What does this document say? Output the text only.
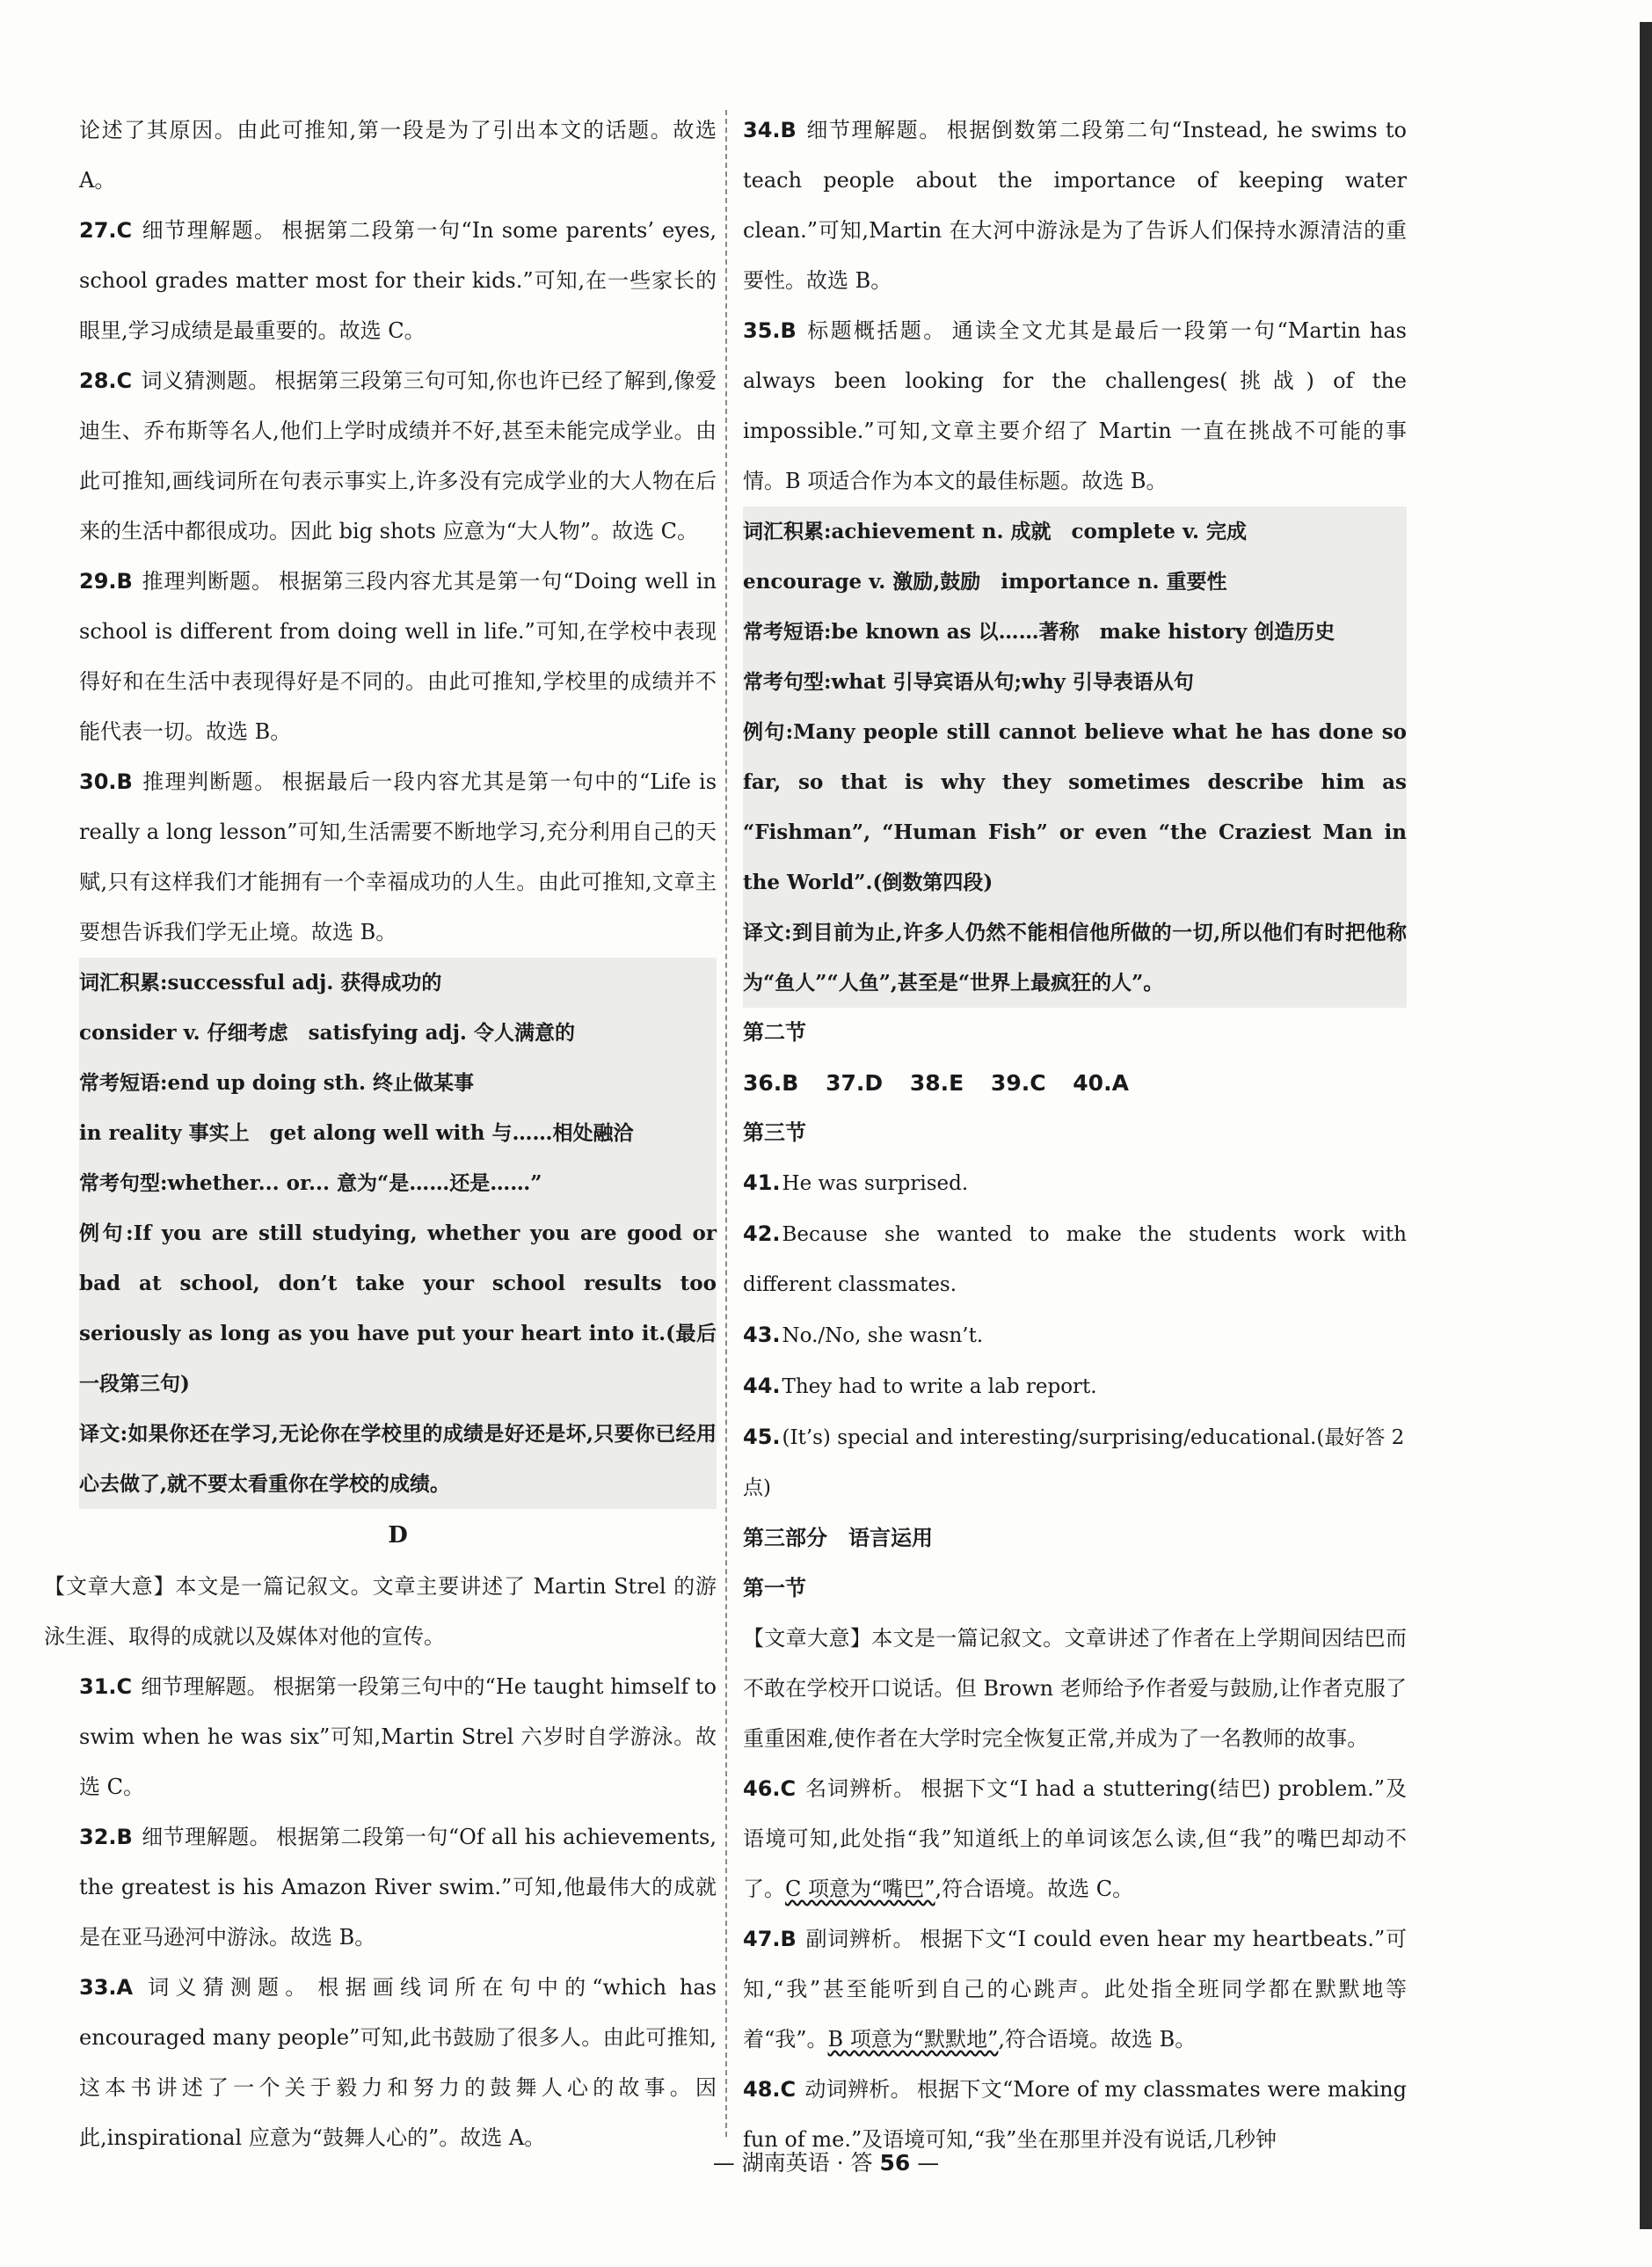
论述了其原因。由此可推知,第一段是为了引出本文的话题。故选 A。

27.C 细节理解题。 根据第二段第一句“In some parents’ eyes, school grades matter most for their kids.”可知,在一些家长的眼里,学习成绩是最重要的。故选 C。

28.C 词义猜测题。 根据第三段第三句可知,你也许已经了解到,像爱迪生、乔布斯等名人,他们上学时成绩并不好,甚至未能完成学业。由此可推知,画线词所在句表示事实上,许多没有完成学业的大人物在后来的生活中都很成功。因此 big shots 应意为“大人物”。故选 C。

29.B 推理判断题。 根据第三段内容尤其是第一句“Doing well in school is different from doing well in life.”可知,在学校中表现得好和在生活中表现得好是不同的。由此可推知,学校里的成绩并不能代表一切。故选 B。

30.B 推理判断题。 根据最后一段内容尤其是第一句中的“Life is really a long lesson”可知,生活需要不断地学习,充分利用自己的天赋,只有这样我们才能拥有一个幸福成功的人生。由此可推知,文章主要想告诉我们学无止境。故选 B。

词汇积累:successful adj. 获得成功的

consider v. 仔细考虑　satisfying adj. 令人满意的

常考短语:end up doing sth. 终止做某事

in reality 事实上　get along well with 与……相处融洽

常考句型:whether... or... 意为“是……还是……”

例句:If you are still studying, whether you are good or bad at school, don’t take your school results too seriously as long as you have put your heart into it.(最后一段第三句)

译文:如果你还在学习,无论你在学校里的成绩是好还是坏,只要你已经用心去做了,就不要太看重你在学校的成绩。

D

【文章大意】本文是一篇记叙文。文章主要讲述了 Martin Strel 的游泳生涯、取得的成就以及媒体对他的宣传。

31.C 细节理解题。 根据第一段第三句中的“He taught himself to swim when he was six”可知,Martin Strel 六岁时自学游泳。故选 C。

32.B 细节理解题。 根据第二段第一句“Of all his achievements, the greatest is his Amazon River swim.”可知,他最伟大的成就是在亚马逊河中游泳。故选 B。

33.A 词义猜测题。 根据画线词所在句中的“which has encouraged many people”可知,此书鼓励了很多人。由此可推知,这本书讲述了一个关于毅力和努力的鼓舞人心的故事。因此,inspirational 应意为“鼓舞人心的”。故选 A。

34.B 细节理解题。 根据倒数第二段第二句“Instead, he swims to teach people about the importance of keeping water clean.”可知,Martin 在大河中游泳是为了告诉人们保持水源清洁的重要性。故选 B。

35.B 标题概括题。 通读全文尤其是最后一段第一句“Martin has always been looking for the challenges(挑战) of the impossible.”可知,文章主要介绍了 Martin 一直在挑战不可能的事情。B 项适合作为本文的最佳标题。故选 B。

词汇积累:achievement n. 成就　complete v. 完成

encourage v. 激励,鼓励　importance n. 重要性

常考短语:be known as 以……著称　make history 创造历史

常考句型:what 引导宾语从句;why 引导表语从句

例句:Many people still cannot believe what he has done so far, so that is why they sometimes describe him as “Fishman”, “Human Fish” or even “the Craziest Man in the World”.(倒数第四段)

译文:到目前为止,许多人仍然不能相信他所做的一切,所以他们有时把他称为“鱼人”“人鱼”,甚至是“世界上最疯狂的人”。

第二节

36.B 37.D 38.E 39.C 40.A

第三节

41.He was surprised.

42.Because she wanted to make the students work with different classmates.

43.No./No, she wasn’t.

44.They had to write a lab report.

45.(It’s) special and interesting/surprising/educational.(最好答 2 点)

第三部分　语言运用

第一节

【文章大意】本文是一篇记叙文。文章讲述了作者在上学期间因结巴而不敢在学校开口说话。但 Brown 老师给予作者爱与鼓励,让作者克服了重重困难,使作者在大学时完全恢复正常,并成为了一名教师的故事。

46.C 名词辨析。 根据下文“I had a stuttering(结巴) problem.”及语境可知,此处指“我”知道纸上的单词该怎么读,但“我”的嘴巴却动不了。C 项意为“嘴巴”,符合语境。故选 C。

47.B 副词辨析。 根据下文“I could even hear my heartbeats.”可知,“我”甚至能听到自己的心跳声。此处指全班同学都在默默地等着“我”。B 项意为“默默地”,符合语境。故选 B。

48.C 动词辨析。 根据下文“More of my classmates were making fun of me.”及语境可知,“我”坐在那里并没有说话,几秒钟

— 湖南英语 · 答 56 —
